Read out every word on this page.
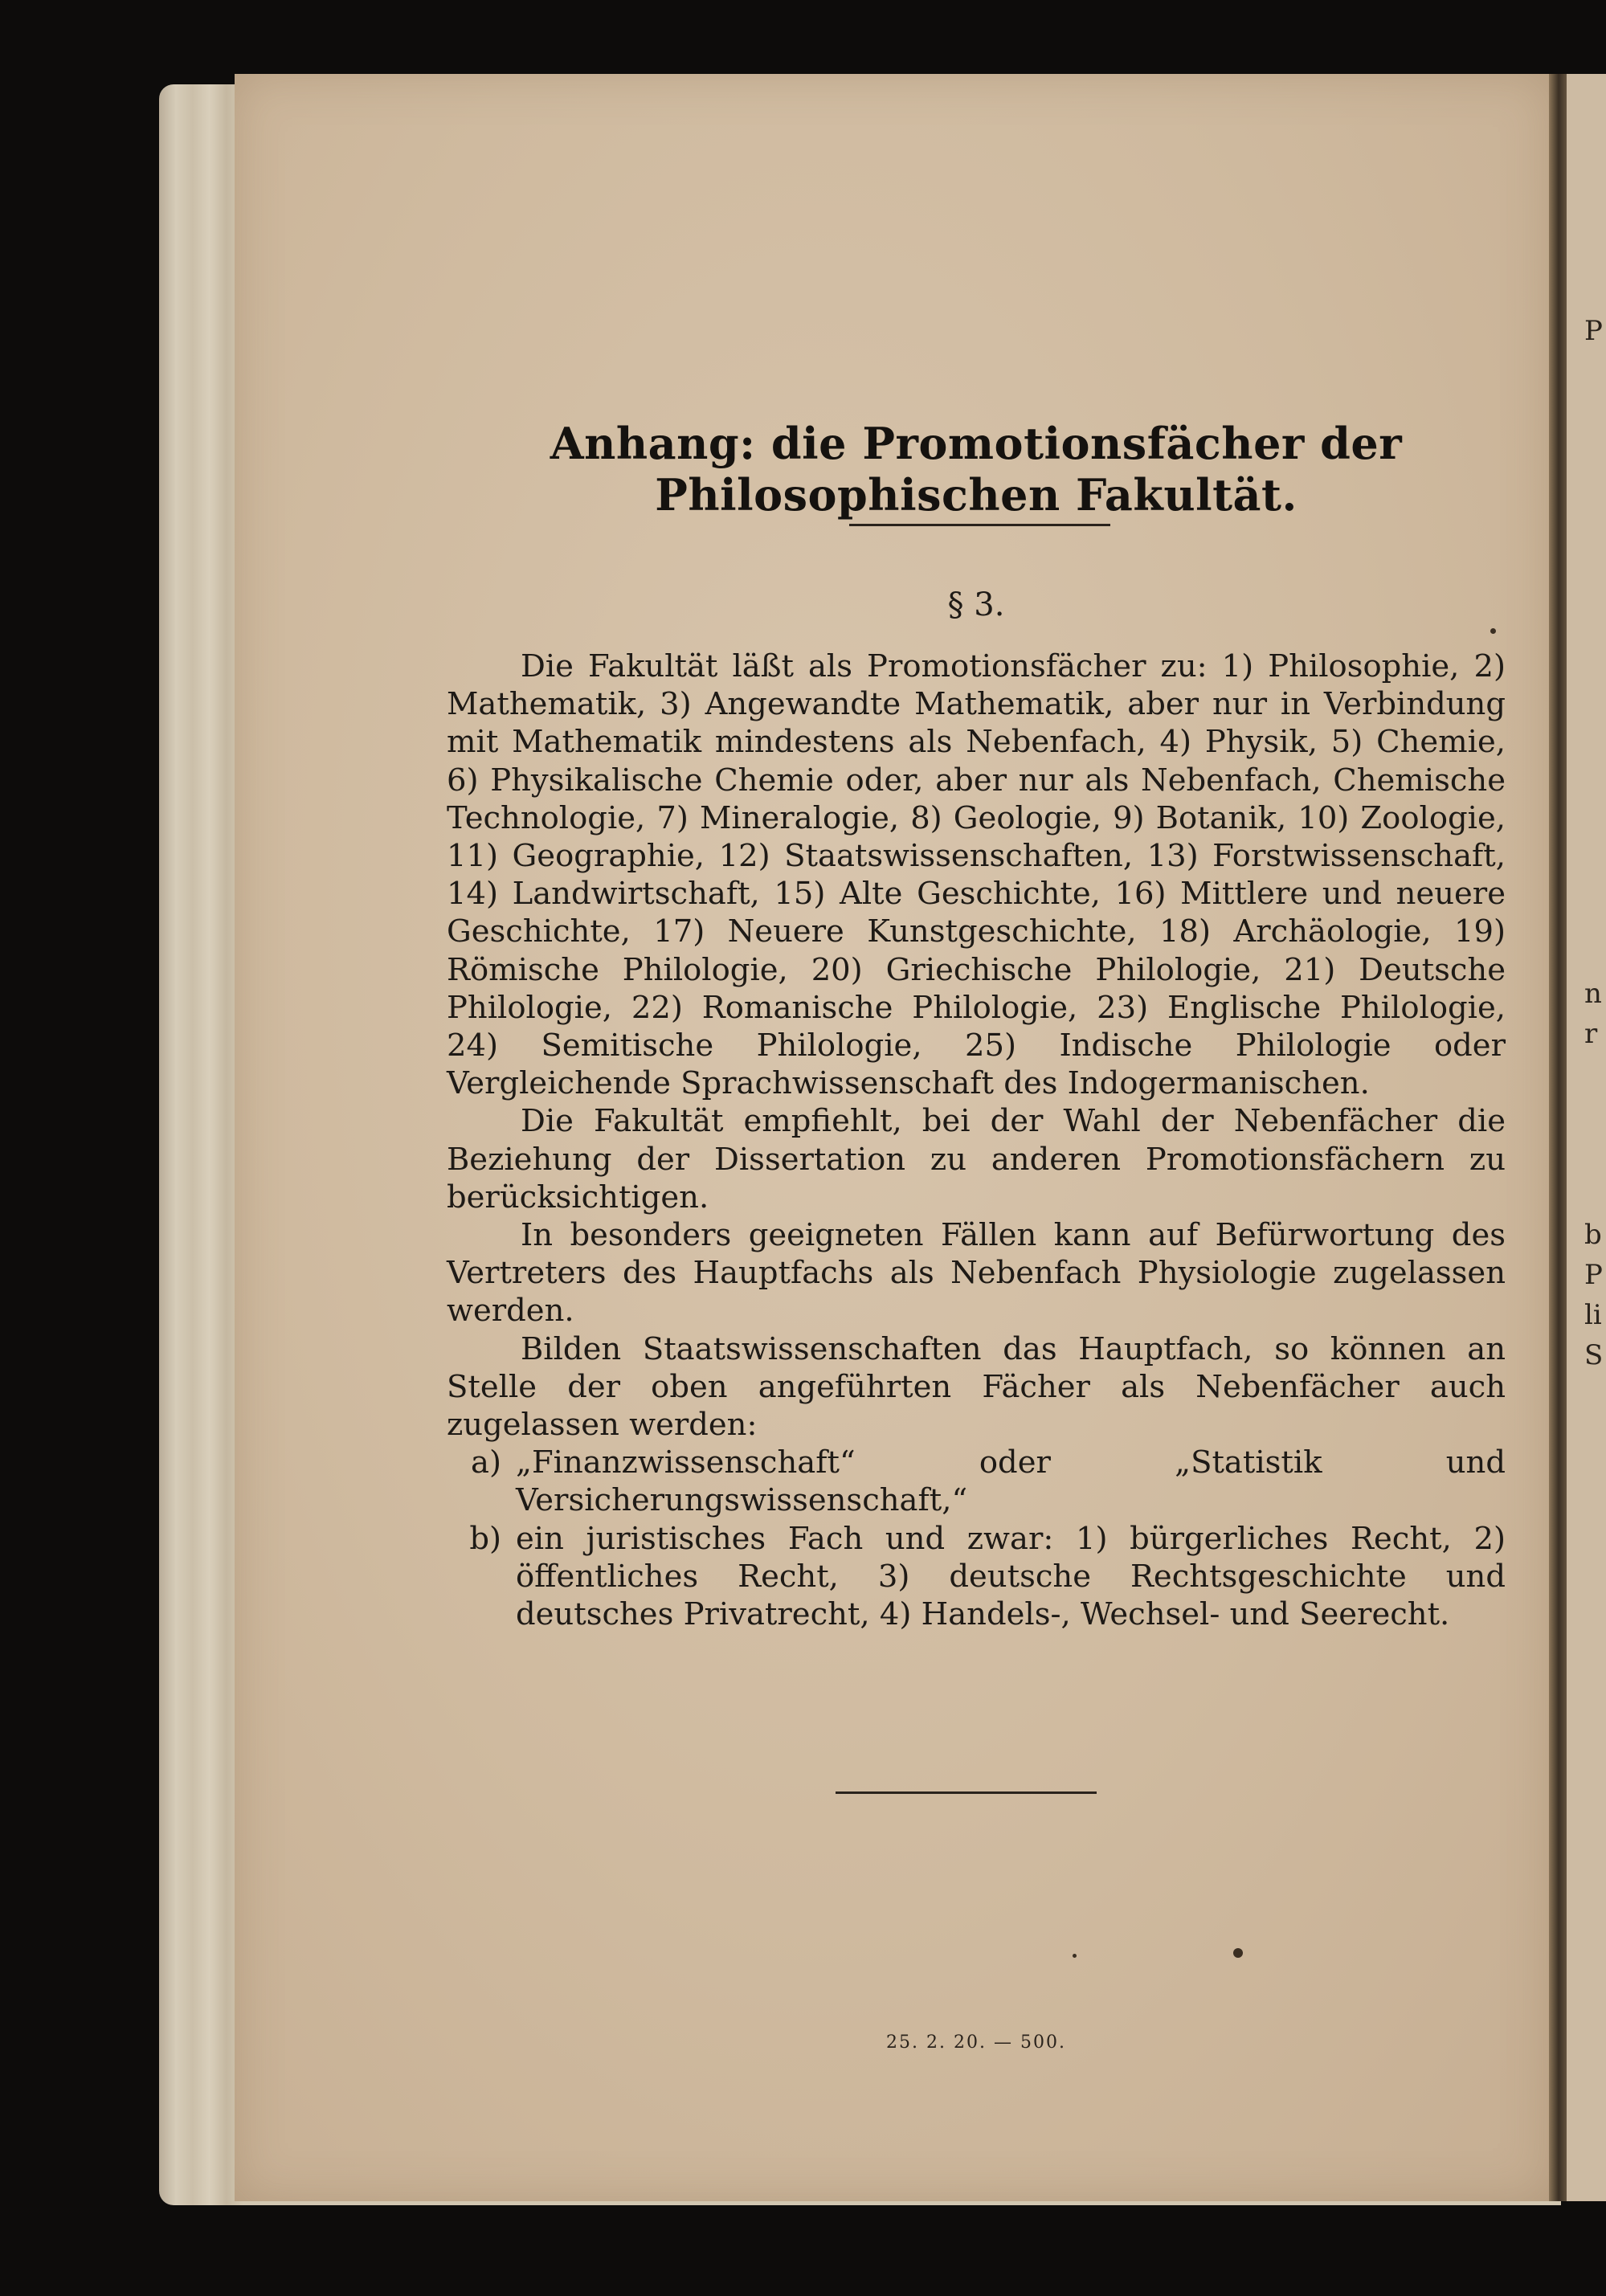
P
n
r
b
P
li
S
Anhang: die Promotionsfächer der Philosophischen Fakultät.
§ 3.

Die Fakultät läßt als Promotionsfächer zu: 1) Philosophie, 2) Mathematik, 3) Angewandte Mathematik, aber nur in Verbindung mit Mathematik mindestens als Nebenfach, 4) Physik, 5) Chemie, 6) Physikalische Chemie oder, aber nur als Nebenfach, Chemische Technologie, 7) Mineralogie, 8) Geologie, 9) Botanik, 10) Zoologie, 11) Geographie, 12) Staatswissenschaften, 13) Forstwissenschaft, 14) Landwirtschaft, 15) Alte Geschichte, 16) Mittlere und neuere Geschichte, 17) Neuere Kunstgeschichte, 18) Archäologie, 19) Römische Philologie, 20) Griechische Philologie, 21) Deutsche Philologie, 22) Romanische Philologie, 23) Englische Philologie, 24) Semitische Philologie, 25) Indische Philologie oder Vergleichende Sprachwissenschaft des Indogermanischen.

Die Fakultät empfiehlt, bei der Wahl der Nebenfächer die Beziehung der Dissertation zu anderen Promotionsfächern zu berücksichtigen.

In besonders geeigneten Fällen kann auf Befürwortung des Vertreters des Hauptfachs als Nebenfach Physiologie zugelassen werden.

Bilden Staatswissenschaften das Hauptfach, so können an Stelle der oben angeführten Fächer als Nebenfächer auch zugelassen werden:

a) „Finanzwissenschaft“ oder „Statistik und Versicherungswissenschaft,“
b) ein juristisches Fach und zwar: 1) bürgerliches Recht, 2) öffentliches Recht, 3) deutsche Rechtsgeschichte und deutsches Privatrecht, 4) Handels-, Wechsel- und Seerecht.
25. 2. 20. — 500.
